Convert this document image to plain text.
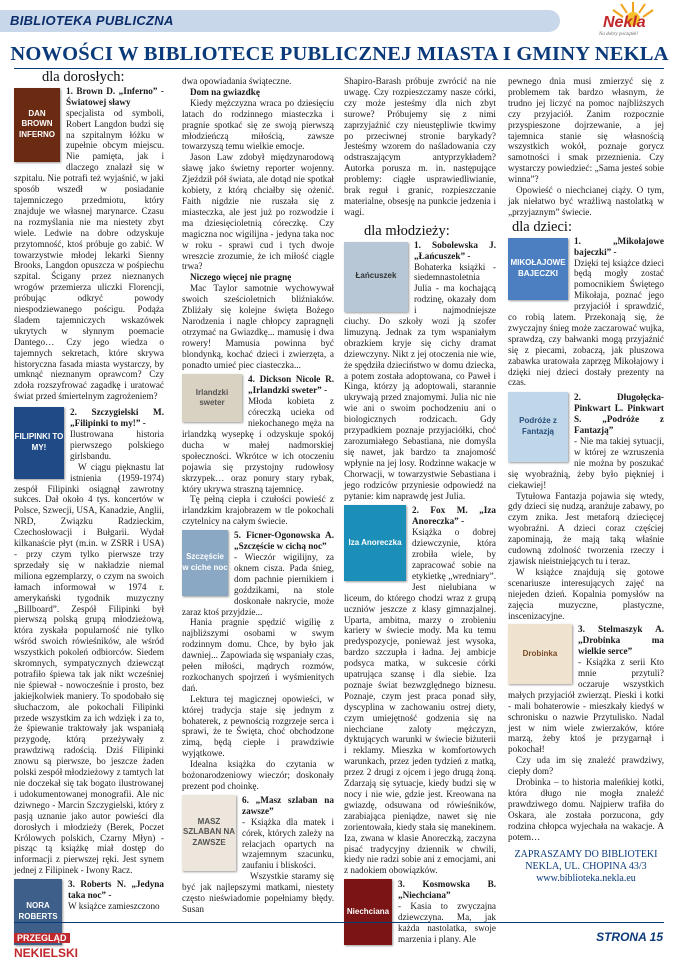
BIBLIOTEKA PUBLICZNA	Nekla
Na dobry początek!
NOWOŚCI W BIBLIOTECE PUBLICZNEJ MIASTA I GMINY NEKLA
dla dorosłych:
DAN BROWN INFERNO

1. Brown D. „Inferno” - Światowej sławy

specjalista od symboli, Robert Langdon budzi się na szpitalnym łóżku w zupełnie obcym miejscu. Nie pamięta, jak i dlaczego znalazł się w szpitalu. Nie potrafi też wyjaśnić, w jaki sposób wszedł w posiadanie tajemniczego przedmiotu, który znajduje we własnej marynarce. Czasu na rozmyślania nie ma niestety zbyt wiele. Ledwie na dobre odzyskuje przytomność, ktoś próbuje go zabić. W towarzystwie młodej lekarki Sienny Brooks, Langdon opuszcza w pośpiechu szpital. Ścigany przez nieznanych wrogów przemierza uliczki Florencji, próbując odkryć powody niespodziewanego pościgu. Podąża śladem tajemniczych wskazówek ukrytych w słynnym poemacie Dantego… Czy jego wiedza o tajemnych sekretach, które skrywa historyczna fasada miasta wystarczy, by umknąć nieznanym oprawcom? Czy zdoła rozszyfrować zagadkę i uratować świat przed śmiertelnym zagrożeniem?

FILIPINKI TO MY!

2. Szczygielski M. „Filipinki to my!” -

Ilustrowana historia pierwszego polskiego girlsbandu.

W ciągu pięknastu lat istnienia (1959-1974) zespół Filipinki osiągnął zawrotny sukces. Dał około 4 tys. koncertów w Polsce, Szwecji, USA, Kanadzie, Anglii, NRD, Związku Radzieckim, Czechosłowacji i Bułgarii. Wydał kilkanaście płyt (m.in. w ZSRR i USA) - przy czym tylko pierwsze trzy sprzedały się w nakładzie niemal miliona egzemplarzy, o czym na swoich łamach informował w 1974 r. amerykański tygodnik muzyczny „Billboard”. Zespół Filipinki był pierwszą polską grupą młodzieżową, która zyskała popularność nie tylko wśród swoich rówieśników, ale wśród wszystkich pokoleń odbiorców. Siedem skromnych, sympatycznych dziewcząt potrafiło śpiewa tak jak nikt wcześniej nie śpiewał - nowocześnie i prosto, bez jakiejkolwiek maniery. To spodobało się słuchaczom, ale pokochali Filipinki przede wszystkim za ich wdzięk i za to, że śpiewanie traktowały jak wspaniałą przygodę, którą przeżywały z prawdziwą radością. Dziś Filipinki znowu są pierwsze, bo jeszcze żaden polski zespół młodzieżowy z tamtych lat nie doczekał się tak bogato ilustrowanej i udokumentowanej monografii. Ale nic dziwnego - Marcin Szczygielski, który z pasją uznanie jako autor powieści dla dorosłych i młodzieży (Berek, Poczet Królowych polskich, Czarny Młyn) - pisząc tą książkę miał dostęp do informacji z pierwszej ręki. Jest synem jednej z Filipinek - Iwony Racz.

NORA ROBERTS

3. Roberts N. „Jedyna taka noc” -

W książce zamieszczono

dwa opowiadania świąteczne.

Dom na gwiazdkę

Kiedy mężczyzna wraca po dziesięciu latach do rodzinnego miasteczka i pragnie spotkać się ze swoją pierwszą młodzieńczą miłością, zawsze towarzyszą temu wielkie emocje.

Jason Law zdobył międzynarodową sławę jako świetny reporter wojenny. Zjeździł pół świata, ale dotąd nie spotkał kobiety, z którą chciałby się ożenić. Faith nigdzie nie ruszała się z miasteczka, ale jest już po rozwodzie i ma dziesięcioletnią córeczkę. Czy magiczna noc wigilijna - jedyna taka noc w roku - sprawi cud i tych dwoje wreszcie zrozumie, że ich miłość ciągle trwa?

Niczego więcej nie pragnę

Mac Taylor samotnie wychowywał swoich sześcioletnich bliźniaków. Zbliżały się kolejne święta Bożego Narodzenia i nagle chłopcy zapragnęli otrzymać na Gwiazdkę... mamusię i dwa rowery! Mamusia powinna być blondynką, kochać dzieci i zwierzęta, a ponadto umieć piec ciasteczka...

Irlandzki sweter

4. Dickson Nicole R. „Irlandzki sweter” -

Młoda kobieta z córeczką ucieka od niekochanego męża na irlandzką wysepkę i odzyskuje spokój ducha w małej nadmorskiej społeczności. Wkrótce w ich otoczeniu pojawia się przystojny rudowłosy skrzypek… oraz ponury stary rybak, który ukrywa straszną tajemnicę.

Tę pełną ciepła i czułości powieść z irlandzkim krajobrazem w tle pokochali czytelnicy na całym świecie.

Szczęście w ciche noc

5. Ficner-Ogonowska A. „Szczęście w cichą noc”

- Wieczór wigilijny, za oknem cisza. Pada śnieg, dom pachnie piernikiem i goździkami, na stole doskonałe nakrycie, może zaraz ktoś przyjdzie...

Hania pragnie spędzić wigilię z najbliższymi osobami w swym rodzinnym domu. Chce, by było jak dawniej... Zapowiada się wspaniały czas, pełen miłości, mądrych rozmów, rozkochanych spojrzeń i wyśmienitych dań.

Lektura tej magicznej opowieści, w której tradycja staje się jednym z bohaterek, z pewnością rozgrzeje serca i sprawi, że te Święta, choć obchodzone zimą, będą ciepłe i prawdziwie wyjątkowe.

Idealna książka do czytania w bożonarodzeniowy wieczór; doskonały prezent pod choinkę.

MASZ SZLABAN NA ZAWSZE

6. „Masz szlaban na zawsze”

- Książka dla matek i córek, których zależy na relacjach opartych na wzajemnym szacunku, zaufaniu i bliskości.

Wszystkie staramy się być jak najlepszymi matkami, niestety często nieświadomie popełniamy błędy. Susan

Shapiro-Barash próbuje zwrócić na nie uwagę. Czy rozpieszczamy nasze córki, czy może jesteśmy dla nich zbyt surowe? Próbujemy się z nimi zaprzyjaźnić czy nieustępliwie tkwimy po przeciwnej stronie barykady? Jesteśmy wzorem do naśladowania czy odstraszającym antyprzykładem? Autorka porusza m. in. następujące problemy: ciągłe usprawiedliwianie, brak reguł i granic, rozpieszczanie materialne, obsesję na punkcie jedzenia i wagi.

dla młodzieży:
Łańcuszek

1. Sobolewska J. „Łańcuszek” -

Bohaterka książki - siedemnastoletnia Julia - ma kochającą rodzinę, okazały dom i najmodniejsze ciuchy. Do szkoły wozi ją szofer limuzyną. Jednak za tym wspaniałym obrazkiem kryje się cichy dramat dziewczyny. Nikt z jej otoczenia nie wie, że spędziła dzieciństwo w domu dziecka, a potem została adoptowana, co Paweł i Kinga, którzy ją adoptowali, starannie ukrywają przed znajomymi. Julia nic nie wie ani o swoim pochodzeniu ani o biologicznych rodzicach. Gdy przypadkiem poznaje przyjaciółki, choć zarozumiałego Sebastiana, nie domyśla się nawet, jak bardzo ta znajomość wpłynie na jej losy. Rodzinne wakacje w Chorwacji, w towarzystwie Sebastiana i jego rodziców przyniesie odpowiedź na pytanie: kim naprawdę jest Julia.

Iza Anoreczka

2. Fox M. „Iza Anoreczka” -

Książka o dobrej dziewczynie, która zrobiła wiele, by zapracować sobie na etykietkę „wredniary”. Jest nielubiana w liceum, do którego chodzi wraz z grupą uczniów jeszcze z klasy gimnazjalnej. Uparta, ambitna, marzy o zrobieniu kariery w świecie mody. Ma ku temu predyspozycje, ponieważ jest wysoka, bardzo szczupła i ładna. Jej ambicje podsyca matka, w sukcesie córki upatrująca szansę i dla siebie. Iza poznaje świat bezwzględnego biznesu. Poznaje, czym jest praca ponad siły, dyscyplina w zachowaniu ostrej diety, czym umiejętność godzenia się na niechciane zaloty mężczyzn, dyktujących warunki w świecie biżuterii i reklamy. Mieszka w komfortowych warunkach, przez jeden tydzień z matką, przez 2 drugi z ojcem i jego drugą żoną. Zdarzają się sytuacje, kiedy budzi się w nocy i nie wie, gdzie jest. Kreowana na gwiazdę, odsuwana od rówieśników, zarabiająca pieniądze, nawet się nie zorientowała, kiedy stała się manekinem. Iza, zwana w klasie Anoreczką, zaczyna pisać tradycyjny dziennik w chwili, kiedy nie radzi sobie ani z emocjami, ani z nadokiem obowiązków.

Niechciana

3. Kosmowska B. „Niechciana”

- Kasia to zwyczajna dziewczyna. Ma, jak każda nastolatka, swoje marzenia i plany. Ale

pewnego dnia musi zmierzyć się z problemem tak bardzo własnym, że trudno jej liczyć na pomoc najbliższych czy przyjaciół. Zanim rozpocznie przyspieszone dojrzewanie, a jej tajemnica stanie się własnością wszystkich wokół, poznaje gorycz samotności i smak przeznienia. Czy wystarczy powiedzieć: „Sama jesteś sobie winna”?

Opowieść o niechcianej ciąży. O tym, jak niełatwo być wrażliwą nastolatką w „przyjaznym” świecie.

dla dzieci:
MIKOŁAJOWE BAJECZKI

1. „Mikołajowe bajeczki” -

Dzięki tej książce dzieci będą mogły zostać pomocnikiem Świętego Mikołaja, poznać jego przyjaciół i sprawdzić, co robią latem. Przekonają się, że zwyczajny śnieg może zaczarować wujka, sprawdzą, czy bałwanki mogą przyjaźnić się z piecami, zobaczą, jak pluszowa zabawka uratowała zaprzęg Mikołajowy i dzięki niej dzieci dostały prezenty na czas.

Podróże z Fantazją

2. Długołęcka-Pinkwart L. Pinkwart S. „Podróże z Fantazją”

- Nie ma takiej sytuacji, w której ze wzruszenia nie można by poszukać się wyobraźnią, żeby było piękniej i ciekawiej!

Tytułowa Fantazja pojawia się wtedy, gdy dzieci się nudzą, aranżuje zabawy, po czym znika. Jest metaforą dziecięcej wyobraźni. A dzieci coraz częściej zapominają, że mają taką właśnie cudowną zdolność tworzenia rzeczy i zjawisk nieistniejących tu i teraz.

W książce znajdują się gotowe scenariusze interesujących zajęć na niejeden dzień. Kopalnia pomysłów na zajęcia muzyczne, plastyczne, inscenizacyjne.

Drobinka

3. Stelmaszyk A. „Drobinka ma wielkie serce”

- Książka z serii Kto mnie przytuli? oczaruje wszystkich małych przyjaciół zwierząt. Pieski i kotki - mali bohaterowie - mieszkały kiedyś w schronisku o nazwie Przytulisko. Nadal jest w nim wiele zwierzaków, które marzą, żeby ktoś je przygarnął i pokochał!

Czy uda im się znaleźć prawdziwy, ciepły dom?

Drobinka – to historia maleńkiej kotki, która długo nie mogła znaleźć prawdziwego domu. Najpierw trafiła do Oskara, ale została porzucona, gdy rodzina chłopca wyjechała na wakacje. A potem…

ZAPRASZAMY DO BIBLIOTEKI
NEKLA, UL. CHOPINA 43/3
www.biblioteka.nekla.eu
PRZEGLĄD
NEKIELSKI
STRONA 15
